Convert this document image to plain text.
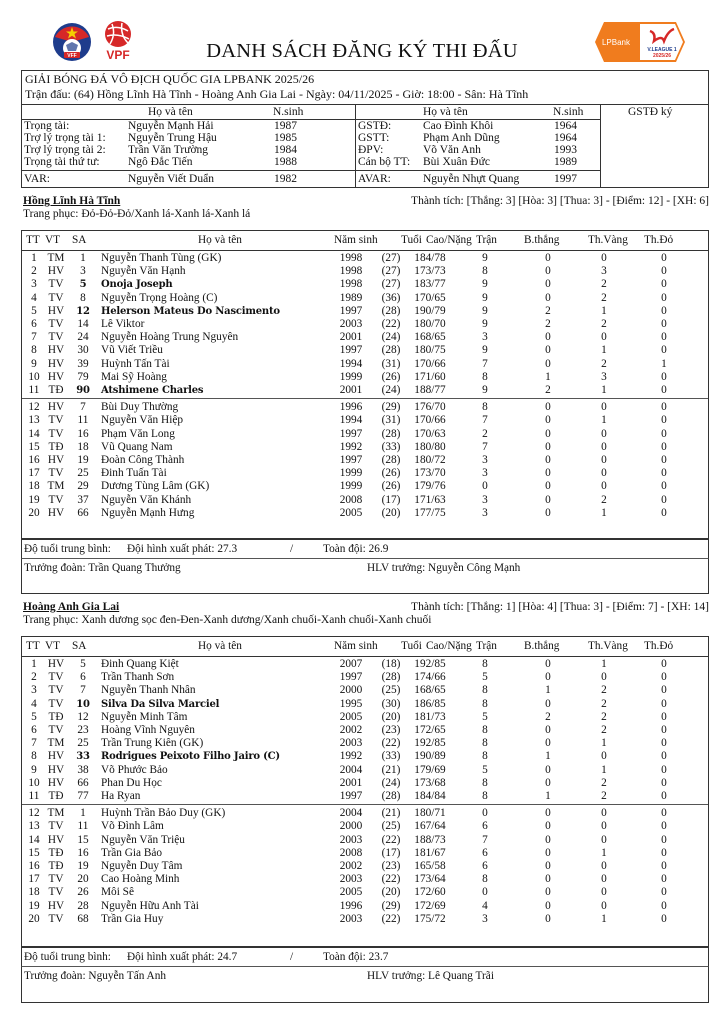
VFF VPF
LPBank
V.LEAGUE 1
2025/26
DANH SÁCH ĐĂNG KÝ THI ĐẤU
GIẢI BÓNG ĐÁ VÔ ĐỊCH QUỐC GIA LPBANK 2025/26
Trận đấu: (64) Hồng Lĩnh Hà Tĩnh - Hoàng Anh Gia Lai - Ngày: 04/11/2025 - Giờ: 18:00 - Sân: Hà Tĩnh
Họ và tên	N.sinh	Họ và tên	N.sinh	GSTĐ ký
Trọng tài:	Nguyễn Mạnh Hải	1987	GSTĐ:	Cao Đình Khôi	1964
Trợ lý trọng tài 1: Nguyễn Trung Hậu	1985	GSTT:	Phạm Anh Dũng	1964
Trợ lý trọng tài 2: Trần Văn Trường	1984	ĐPV:	Võ Văn Anh	1993
Trọng tài thứ tư: Ngô Đắc Tiến	1988	Cán bộ TT: Bùi Xuân Đức	1989
VAR:	Nguyễn Viết Duẩn	1982	AVAR:	Nguyễn Nhựt Quang	1997
Hồng Lĩnh Hà Tĩnh	Thành tích: [Thắng: 3] [Hòa: 3] [Thua: 3] - [Điểm: 12] - [XH: 6]
Trang phục: Đỏ-Đỏ-Đỏ/Xanh lá-Xanh lá-Xanh lá
TT VT SA	Họ và tên	Năm sinh Tuổi Cao/Nặng Trận B.thắng	Th.Vàng Th.Đỏ
1 TM	1	Nguyễn Thanh Tùng (GK)	1998	(27)	184/78	9	0	0	0
2 HV	3	Nguyễn Văn Hạnh	1998	(27)	173/73	8	0	3	0
3	TV	5	Onoja Joseph	1998	(27)	183/77	9	0	2	0
4	TV	8	Nguyễn Trọng Hoàng (C)	1989	(36)	170/65	9	0	2	0
5 HV	12	Helerson Mateus Do Nascimento	1997	(28)	190/79	9	2	1	0
6	TV	14	Lê Viktor	2003	(22)	180/70	9	2	2	0
7	TV	24	Nguyễn Hoàng Trung Nguyên	2001	(24)	168/65	3	0	0	0
8 HV	30	Vũ Viết Triều	1997	(28)	180/75	9	0	1	0
9 HV	39	Huỳnh Tấn Tài	1994	(31)	170/66	7	0	2	1
10 HV	79	Mai Sỹ Hoàng	1999	(26)	171/60	8	1	3	0
11 TĐ	90	Atshimene Charles	2001	(24)	188/77	9	2	1	0
12 HV	7	Bùi Duy Thường	1996	(29)	176/70	8	0	0	0
13 TV	11	Nguyễn Văn Hiệp	1994	(31)	170/66	7	0	1	0
14 TV	16	Phạm Văn Long	1997	(28)	170/63	2	0	0	0
15 TĐ	18	Vũ Quang Nam	1992	(33)	180/80	7	0	0	0
16 HV	19	Đoàn Công Thành	1997	(28)	180/72	3	0	0	0
17 TV	25	Đinh Tuấn Tài	1999	(26)	173/70	3	0	0	0
18 TM	29	Dương Tùng Lâm (GK)	1999	(26)	179/76	0	0	0	0
19 TV	37	Nguyễn Văn Khánh	2008	(17)	171/63	3	0	2	0
20 HV	66	Nguyễn Mạnh Hưng	2005	(20)	177/75	3	0	1	0
Độ tuổi trung bình: Đội hình xuất phát: 27.3	/	Toàn đội: 26.9
Trưởng đoàn: Trần Quang Thưởng	HLV trưởng: Nguyễn Công Mạnh
Hoàng Anh Gia Lai	Thành tích: [Thắng: 1] [Hòa: 4] [Thua: 3] - [Điểm: 7] - [XH: 14]
Trang phục: Xanh dương sọc đen-Đen-Xanh dương/Xanh chuối-Xanh chuối-Xanh chuối
TT VT SA	Họ và tên	Năm sinh Tuổi Cao/Nặng Trận B.thắng	Th.Vàng Th.Đỏ
1 HV	5	Đinh Quang Kiệt	2007	(18)	192/85	8	0	1	0
2	TV	6	Trần Thanh Sơn	1997	(28)	174/66	5	0	0	0
3	TV	7	Nguyễn Thanh Nhân	2000	(25)	168/65	8	1	2	0
4	TV	10	Silva Da Silva Marciel	1995	(30)	186/85	8	0	2	0
5	TĐ	12	Nguyễn Minh Tâm	2005	(20)	181/73	5	2	2	0
6	TV	23	Hoàng Vĩnh Nguyên	2002	(23)	172/65	8	0	2	0
7 TM	25	Trần Trung Kiên (GK)	2003	(22)	192/85	8	0	1	0
8 HV	33	Rodrigues Peixoto Filho Jairo (C)	1992	(33)	190/89	8	1	0	0
9 HV	38	Võ Phước Bảo	2004	(21)	179/69	5	0	1	0
10 HV	66	Phan Du Học	2001	(24)	173/68	8	0	2	0
11 TĐ	77	Ha Ryan	1997	(28)	184/84	8	1	2	0
12 TM	1	Huỳnh Trần Bảo Duy (GK)	2004	(21)	180/71	0	0	0	0
13 TV	11	Võ Đình Lâm	2000	(25)	167/64	6	0	0	0
14 HV	15	Nguyễn Văn Triệu	2003	(22)	188/73	7	0	0	0
15 TĐ	16	Trần Gia Bảo	2008	(17)	181/67	6	0	1	0
16 TĐ	19	Nguyễn Duy Tâm	2002	(23)	165/58	6	0	0	0
17 TV	20	Cao Hoàng Minh	2003	(22)	173/64	8	0	0	0
18 TV	26	Môi Sê	2005	(20)	172/60	0	0	0	0
19 HV	28	Nguyễn Hữu Anh Tài	1996	(29)	172/69	4	0	0	0
20 TV	68	Trần Gia Huy	2003	(22)	175/72	3	0	1	0
Độ tuổi trung bình: Đội hình xuất phát: 24.7	/	Toàn đội: 23.7
Trưởng đoàn: Nguyễn Tấn Anh	HLV trưởng: Lê Quang Trãi
